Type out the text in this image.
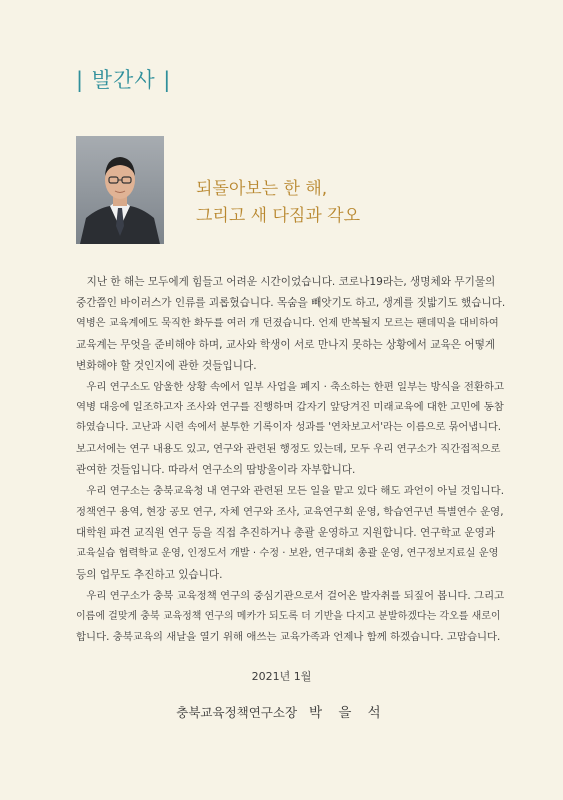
| 발간사 |
되돌아보는 한 해,
그리고 새 다짐과 각오
　지난 한 해는 모두에게 힘들고 어려운 시간이었습니다. 코로나19라는, 생명체와 무기물의
중간쯤인 바이러스가 인류를 괴롭혔습니다. 목숨을 빼앗기도 하고, 생계를 짓밟기도 했습니다.
역병은 교육계에도 묵직한 화두를 여러 개 던졌습니다. 언제 반복될지 모르는 팬데믹을 대비하여
교육계는 무엇을 준비해야 하며, 교사와 학생이 서로 만나지 못하는 상황에서 교육은 어떻게
변화해야 할 것인지에 관한 것들입니다.
　우리 연구소도 암울한 상황 속에서 일부 사업을 폐지 · 축소하는 한편 일부는 방식을 전환하고
역병 대응에 일조하고자 조사와 연구를 진행하며 갑자기 앞당겨진 미래교육에 대한 고민에 동참
하였습니다. 고난과 시련 속에서 분투한 기록이자 성과를 '연차보고서'라는 이름으로 묶어냅니다.
보고서에는 연구 내용도 있고, 연구와 관련된 행정도 있는데, 모두 우리 연구소가 직간접적으로
관여한 것들입니다. 따라서 연구소의 땀방울이라 자부합니다.
　우리 연구소는 충북교육청 내 연구와 관련된 모든 일을 맡고 있다 해도 과언이 아닐 것입니다.
정책연구 용역, 현장 공모 연구, 자체 연구와 조사, 교육연구회 운영, 학습연구년 특별연수 운영,
대학원 파견 교직원 연구 등을 직접 추진하거나 총괄 운영하고 지원합니다. 연구학교 운영과
교육실습 협력학교 운영, 인정도서 개발 · 수정 · 보완, 연구대회 총괄 운영, 연구정보지료실 운영
등의 업무도 추진하고 있습니다.
　우리 연구소가 충북 교육정책 연구의 중심기관으로서 걸어온 발자취를 되짚어 봅니다. 그리고
이름에 걸맞게 충북 교육정책 연구의 메카가 되도록 더 기반을 다지고 분발하겠다는 각오를 새로이
합니다. 충북교육의 새날을 열기 위해 애쓰는 교육가족과 언제나 함께 하겠습니다. 고맙습니다.
2021년 1월
충북교육정책연구소장 박 을 석
